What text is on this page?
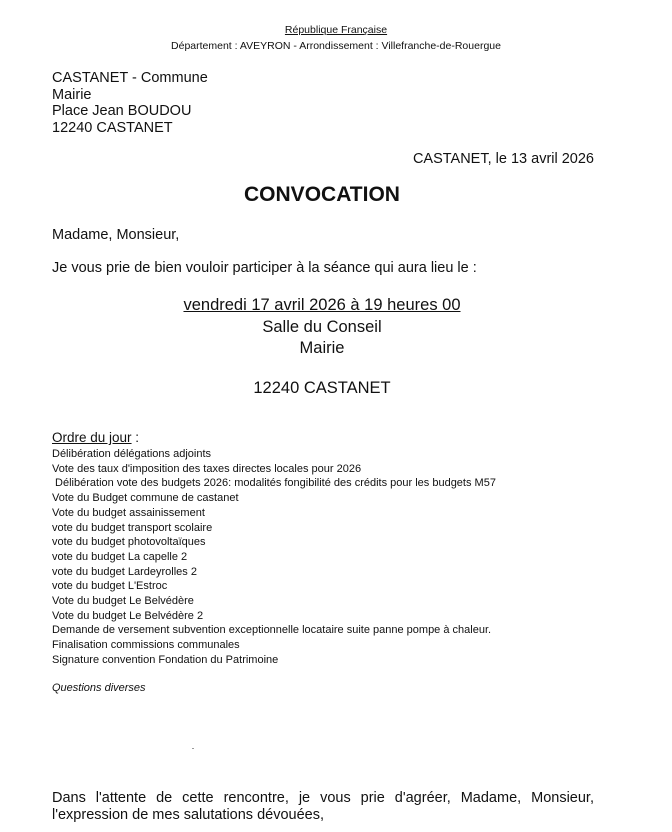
République Française
Département : AVEYRON - Arrondissement : Villefranche-de-Rouergue
CASTANET - Commune
Mairie
Place Jean BOUDOU
12240 CASTANET
CASTANET, le 13 avril 2026
CONVOCATION
Madame, Monsieur,
Je vous prie de bien vouloir participer à la séance qui aura lieu le :
vendredi 17 avril 2026 à 19 heures 00
Salle du Conseil
Mairie
12240 CASTANET
Ordre du jour :
Délibération délégations adjoints
Vote des taux d'imposition des taxes directes locales pour 2026
Délibération vote des budgets 2026: modalités fongibilité des crédits pour les budgets M57
Vote du Budget commune de castanet
Vote du budget assainissement
vote du budget transport scolaire
vote du budget photovoltaïques
vote du budget La capelle 2
vote du budget Lardeyrolles 2
vote du budget L'Estroc
Vote du budget Le Belvédère
Vote du budget Le Belvédère 2
Demande de versement subvention exceptionnelle locataire suite panne pompe à chaleur.
Finalisation commissions communales
Signature convention Fondation du Patrimoine
Questions diverses
Dans l'attente de cette rencontre, je vous prie d'agréer, Madame, Monsieur,
l'expression de mes salutations dévouées,
